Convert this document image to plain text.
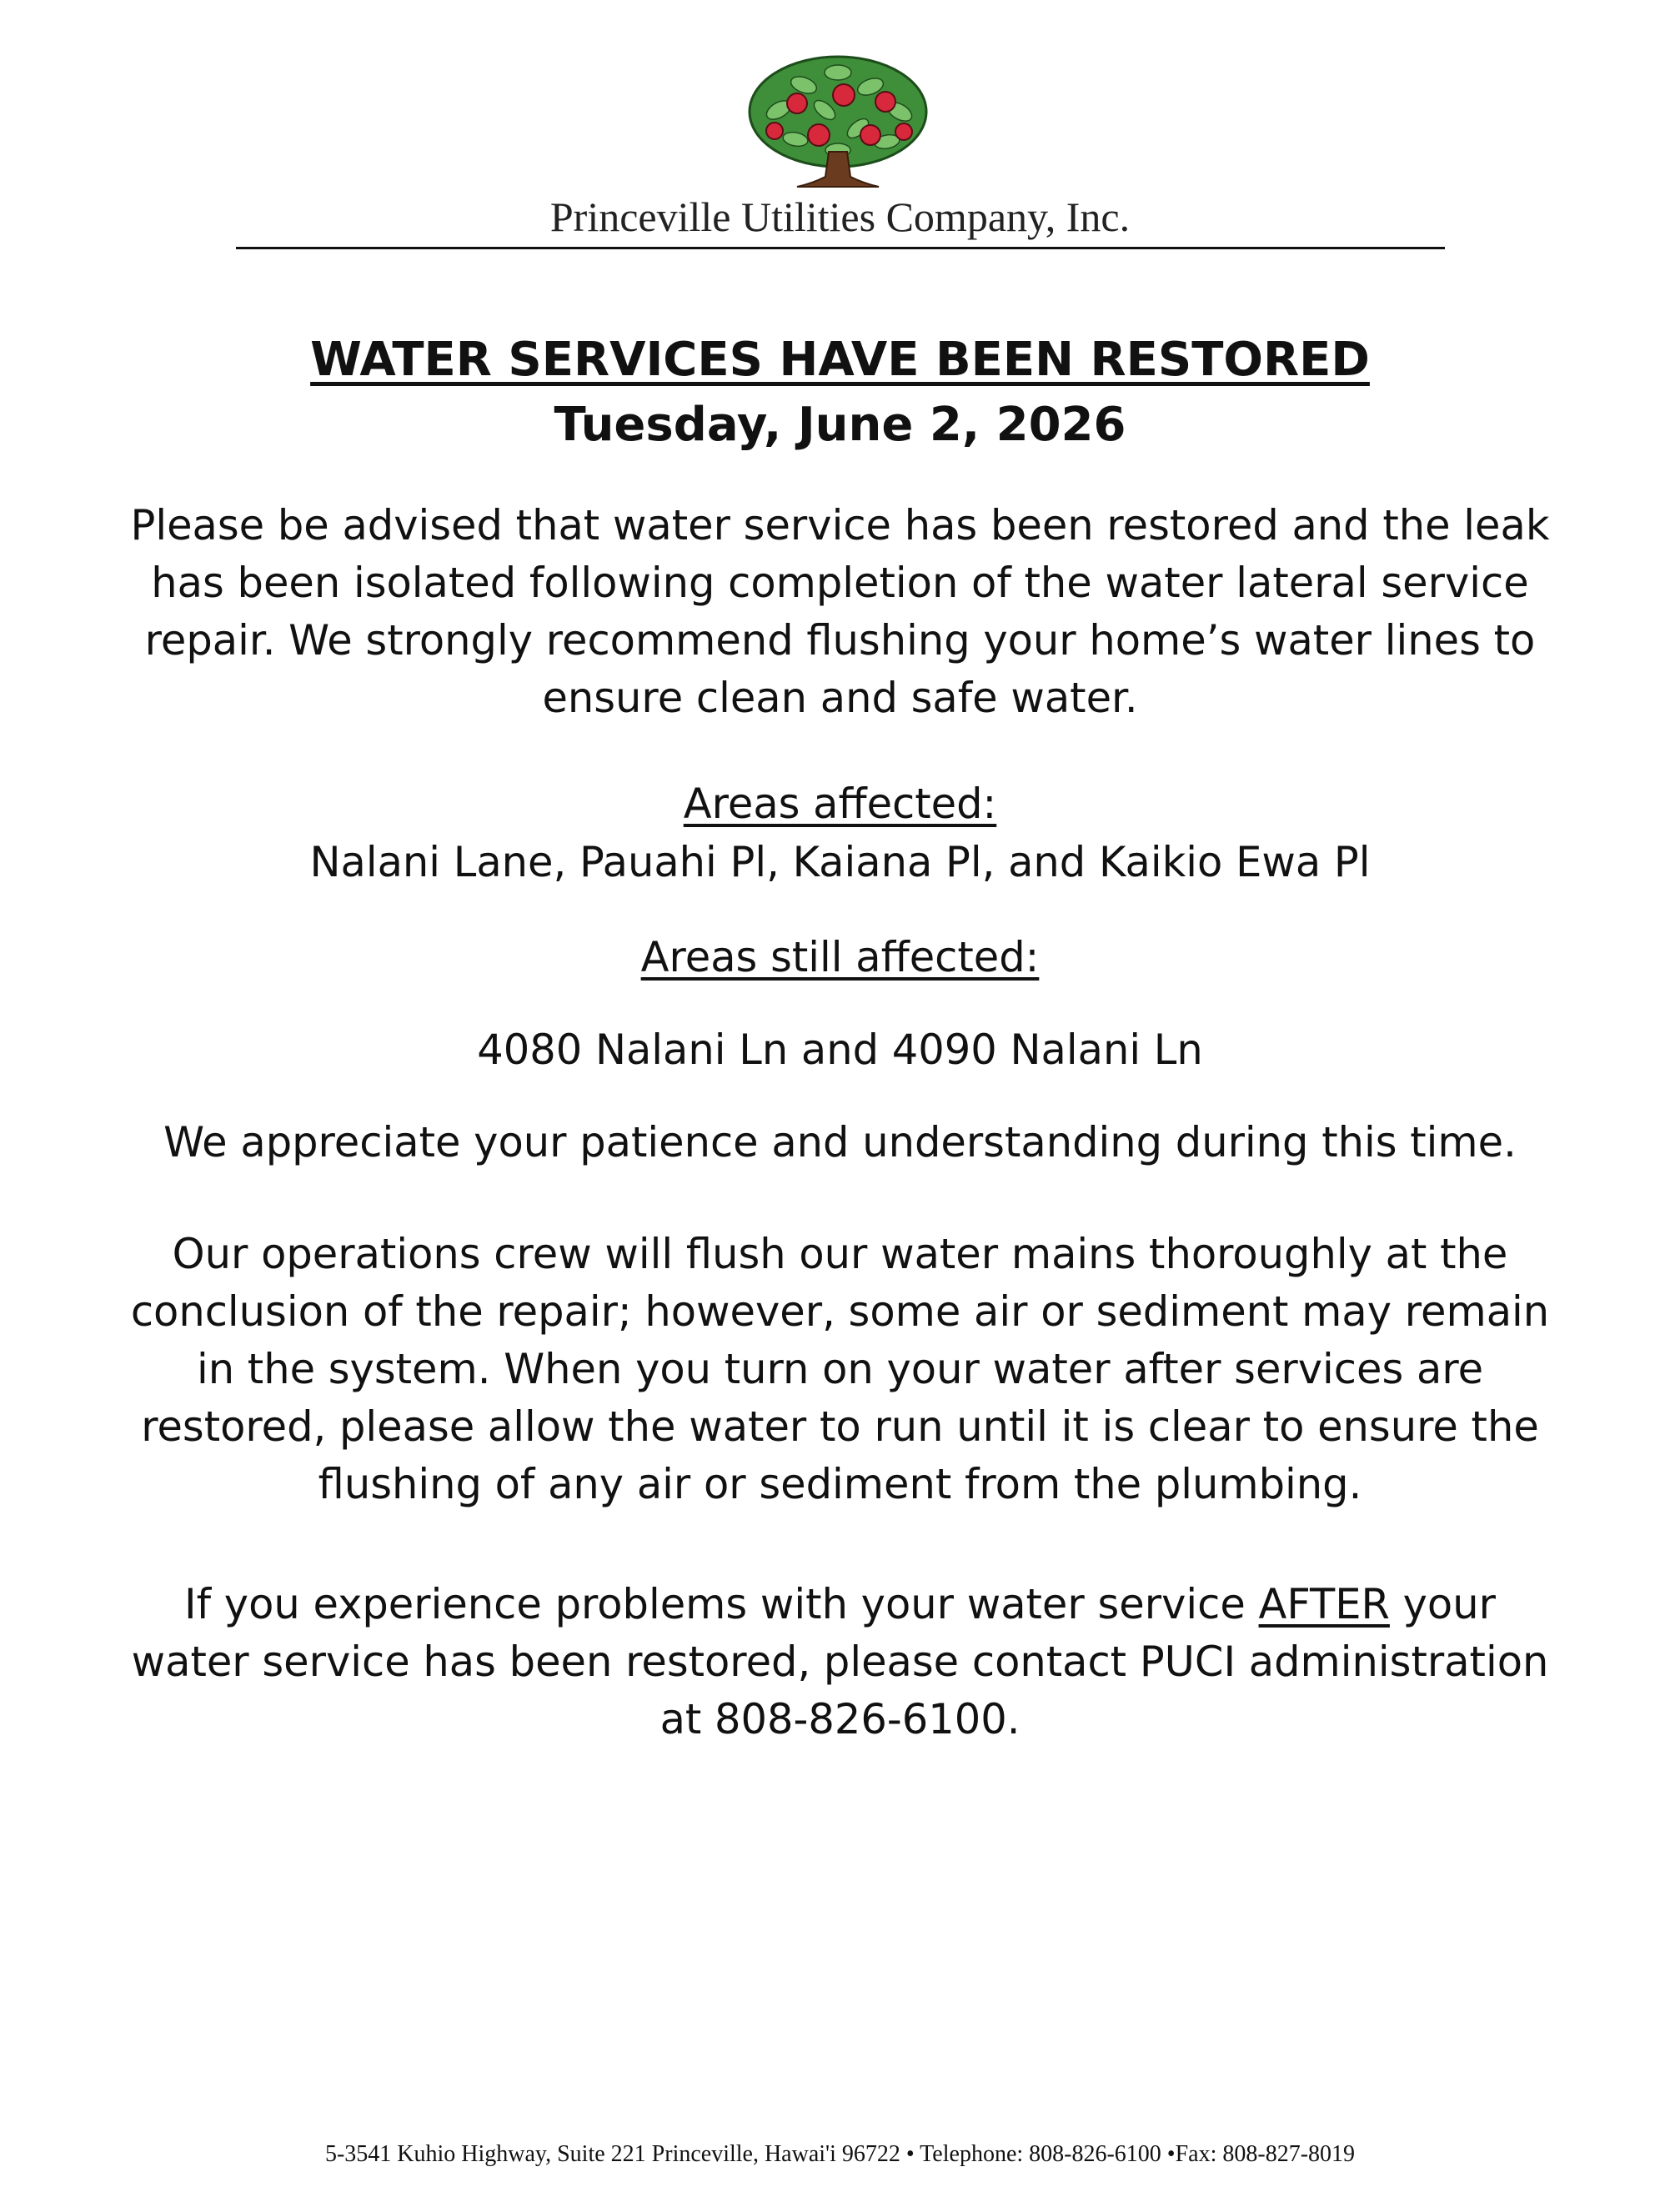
Princeville Utilities Company, Inc.
WATER SERVICES HAVE BEEN RESTORED
Tuesday, June 2, 2026
Please be advised that water service has been restored and the leak has been isolated following completion of the water lateral service repair. We strongly recommend flushing your home’s water lines to ensure clean and safe water.
Areas affected:
Nalani Lane, Pauahi Pl, Kaiana Pl, and Kaikio Ewa Pl
Areas still affected:
4080 Nalani Ln and 4090 Nalani Ln
We appreciate your patience and understanding during this time.
Our operations crew will flush our water mains thoroughly at the conclusion of the repair; however, some air or sediment may remain in the system. When you turn on your water after services are restored, please allow the water to run until it is clear to ensure the flushing of any air or sediment from the plumbing.
If you experience problems with your water service AFTER your water service has been restored, please contact PUCI administration at 808-826-6100.
5-3541 Kuhio Highway, Suite 221 Princeville, Hawai'i 96722 • Telephone: 808-826-6100 •Fax: 808-827-8019
